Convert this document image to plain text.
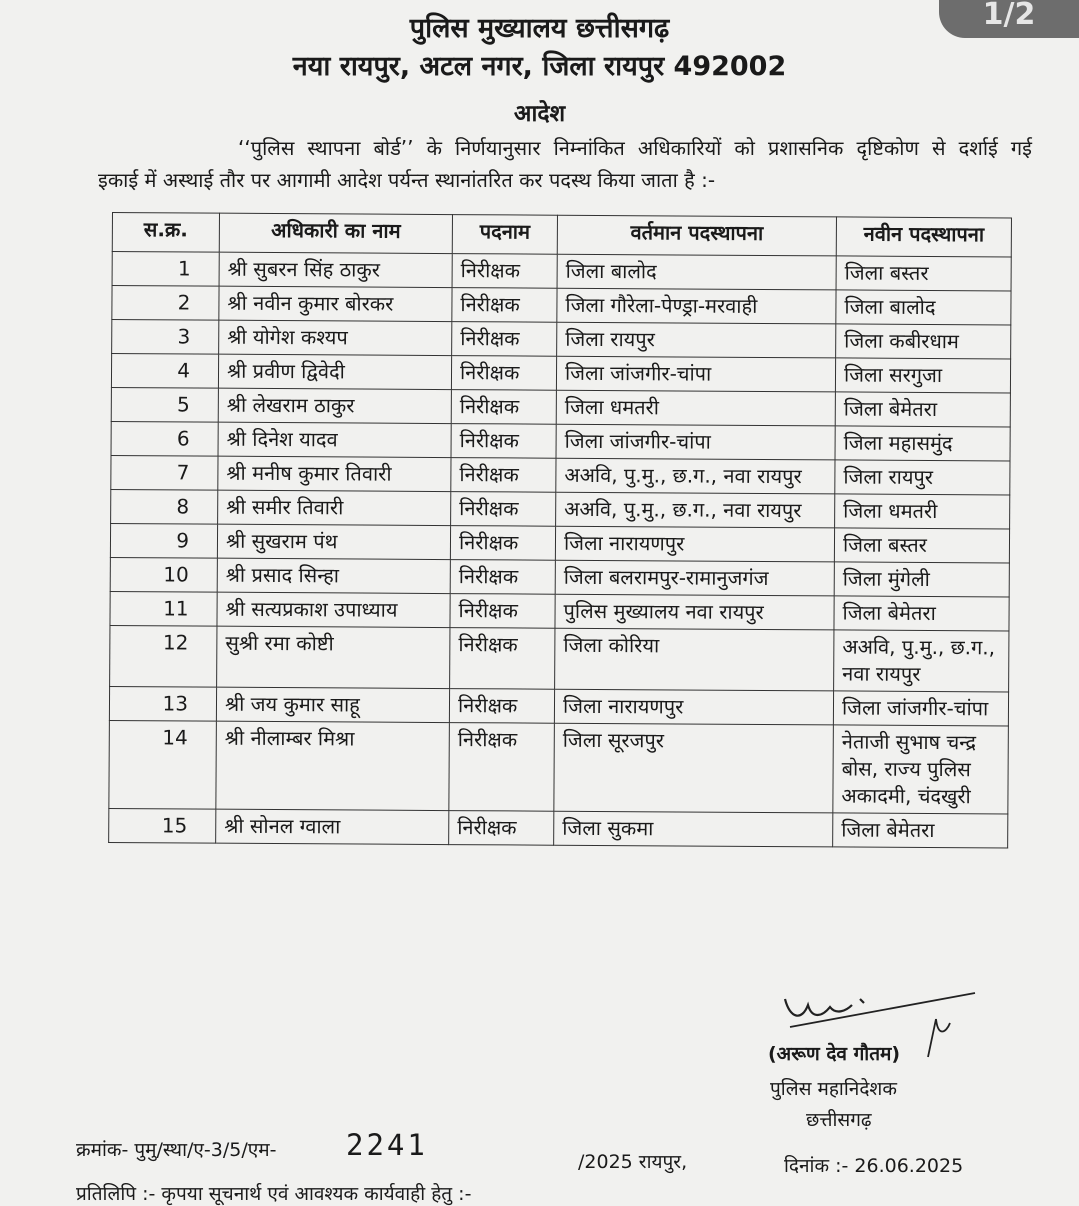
1/2
पुलिस मुख्यालय छत्तीसगढ़
नया रायपुर, अटल नगर, जिला रायपुर 492002
आदेश
‘‘पुलिस स्थापना बोर्ड’’ के निर्णयानुसार निम्नांकित अधिकारियों को प्रशासनिक दृष्टिकोण से दर्शाई गई
इकाई में अस्थाई तौर पर आगामी आदेश पर्यन्त स्थानांतरित कर पदस्थ किया जाता है :-
स.क्र.	अधिकारी का नाम	पदनाम	वर्तमान पदस्थापना	नवीन पदस्थापना
1	श्री सुबरन सिंह ठाकुर	निरीक्षक	जिला बालोद	जिला बस्तर
2	श्री नवीन कुमार बोरकर	निरीक्षक	जिला गौरेला-पेण्ड्रा-मरवाही	जिला बालोद
3	श्री योगेश कश्यप	निरीक्षक	जिला रायपुर	जिला कबीरधाम
4	श्री प्रवीण द्विवेदी	निरीक्षक	जिला जांजगीर-चांपा	जिला सरगुजा
5	श्री लेखराम ठाकुर	निरीक्षक	जिला धमतरी	जिला बेमेतरा
6	श्री दिनेश यादव	निरीक्षक	जिला जांजगीर-चांपा	जिला महासमुंद
7	श्री मनीष कुमार तिवारी	निरीक्षक	अअवि, पु.मु., छ.ग., नवा रायपुर	जिला रायपुर
8	श्री समीर तिवारी	निरीक्षक	अअवि, पु.मु., छ.ग., नवा रायपुर	जिला धमतरी
9	श्री सुखराम पंथ	निरीक्षक	जिला नारायणपुर	जिला बस्तर
10	श्री प्रसाद सिन्हा	निरीक्षक	जिला बलरामपुर-रामानुजगंज	जिला मुंगेली
11	श्री सत्यप्रकाश उपाध्याय	निरीक्षक	पुलिस मुख्यालय नवा रायपुर	जिला बेमेतरा
12	सुश्री रमा कोष्टी	निरीक्षक	जिला कोरिया	अअवि, पु.मु., छ.ग., नवा रायपुर
13	श्री जय कुमार साहू	निरीक्षक	जिला नारायणपुर	जिला जांजगीर-चांपा
14	श्री नीलाम्बर मिश्रा	निरीक्षक	जिला सूरजपुर	नेताजी सुभाष चन्द्र बोस, राज्य पुलिस अकादमी, चंदखुरी
15	श्री सोनल ग्वाला	निरीक्षक	जिला सुकमा	जिला बेमेतरा
(अरूण देव गौतम)
पुलिस महानिदेशक
छत्तीसगढ़
क्रमांक- पुमु/स्था/ए-3/5/एम- 2241	/2025 रायपुर,	दिनांक :- 26.06.2025
प्रतिलिपि :- कृपया सूचनार्थ एवं आवश्यक कार्यवाही हेतु :-
